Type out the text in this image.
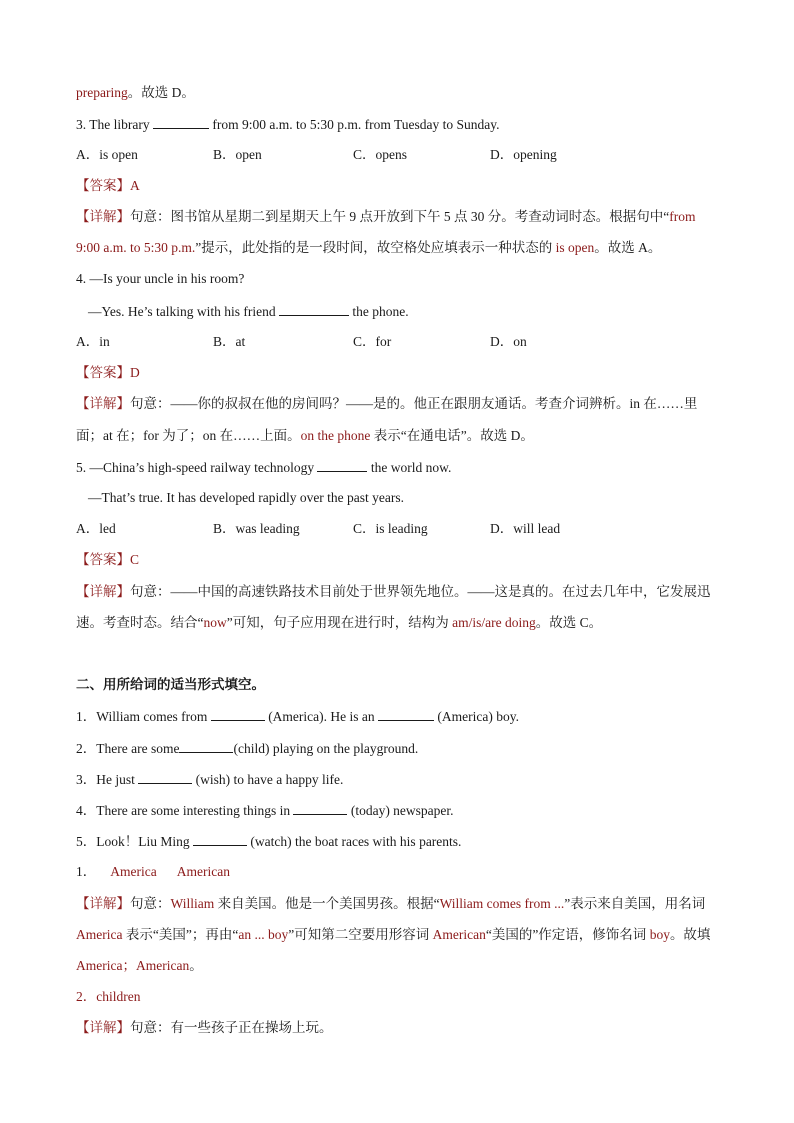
preparing。故选 D。
3. The library	from 9:00 a.m. to 5:30 p.m. from Tuesday to Sunday.
A．is open	B．open	C．opens	D．opening
【答案】A
【详解】句意：图书馆从星期二到星期天上午 9 点开放到下午 5 点 30 分。考查动词时态。根据句中“from
9:00 a.m. to 5:30 p.m.”提示，此处指的是一段时间，故空格处应填表示一种状态的 is open。故选 A。
4. —Is your uncle in his room?
—Yes. He’s talking with his friend	the phone.
A．in	B．at	C．for	D．on
【答案】D
【详解】句意：——你的叔叔在他的房间吗？——是的。他正在跟朋友通话。考查介词辨析。in 在……里
面；at 在；for 为了；on 在……上面。on the phone 表示“在通电话”。故选 D。
5. —China’s high-speed railway technology	the world now.
—That’s true. It has developed rapidly over the past years.
A．led	B．was leading	C．is leading	D．will lead
【答案】C
【详解】句意：——中国的高速铁路技术目前处于世界领先地位。——这是真的。在过去几年中，它发展迅
速。考查时态。结合“now”可知，句子应用现在进行时，结构为 am/is/are doing。故选 C。
二、用所给词的适当形式填空。
1．William comes from	(America). He is an	(America) boy.
2．There are some	(child) playing on the playground.
3．He just	(wish) to have a happy life.
4．There are some interesting things in	(today) newspaper.
5．Look！Liu Ming	(watch) the boat races with his parents.
1． America American
【详解】句意：William 来自美国。他是一个美国男孩。根据“William comes from ...”表示来自美国，用名词
America 表示“美国”；再由“an ... boy”可知第二空要用形容词 American“美国的”作定语，修饰名词 boy。故填
America；American。
2．children
【详解】句意：有一些孩子正在操场上玩。
